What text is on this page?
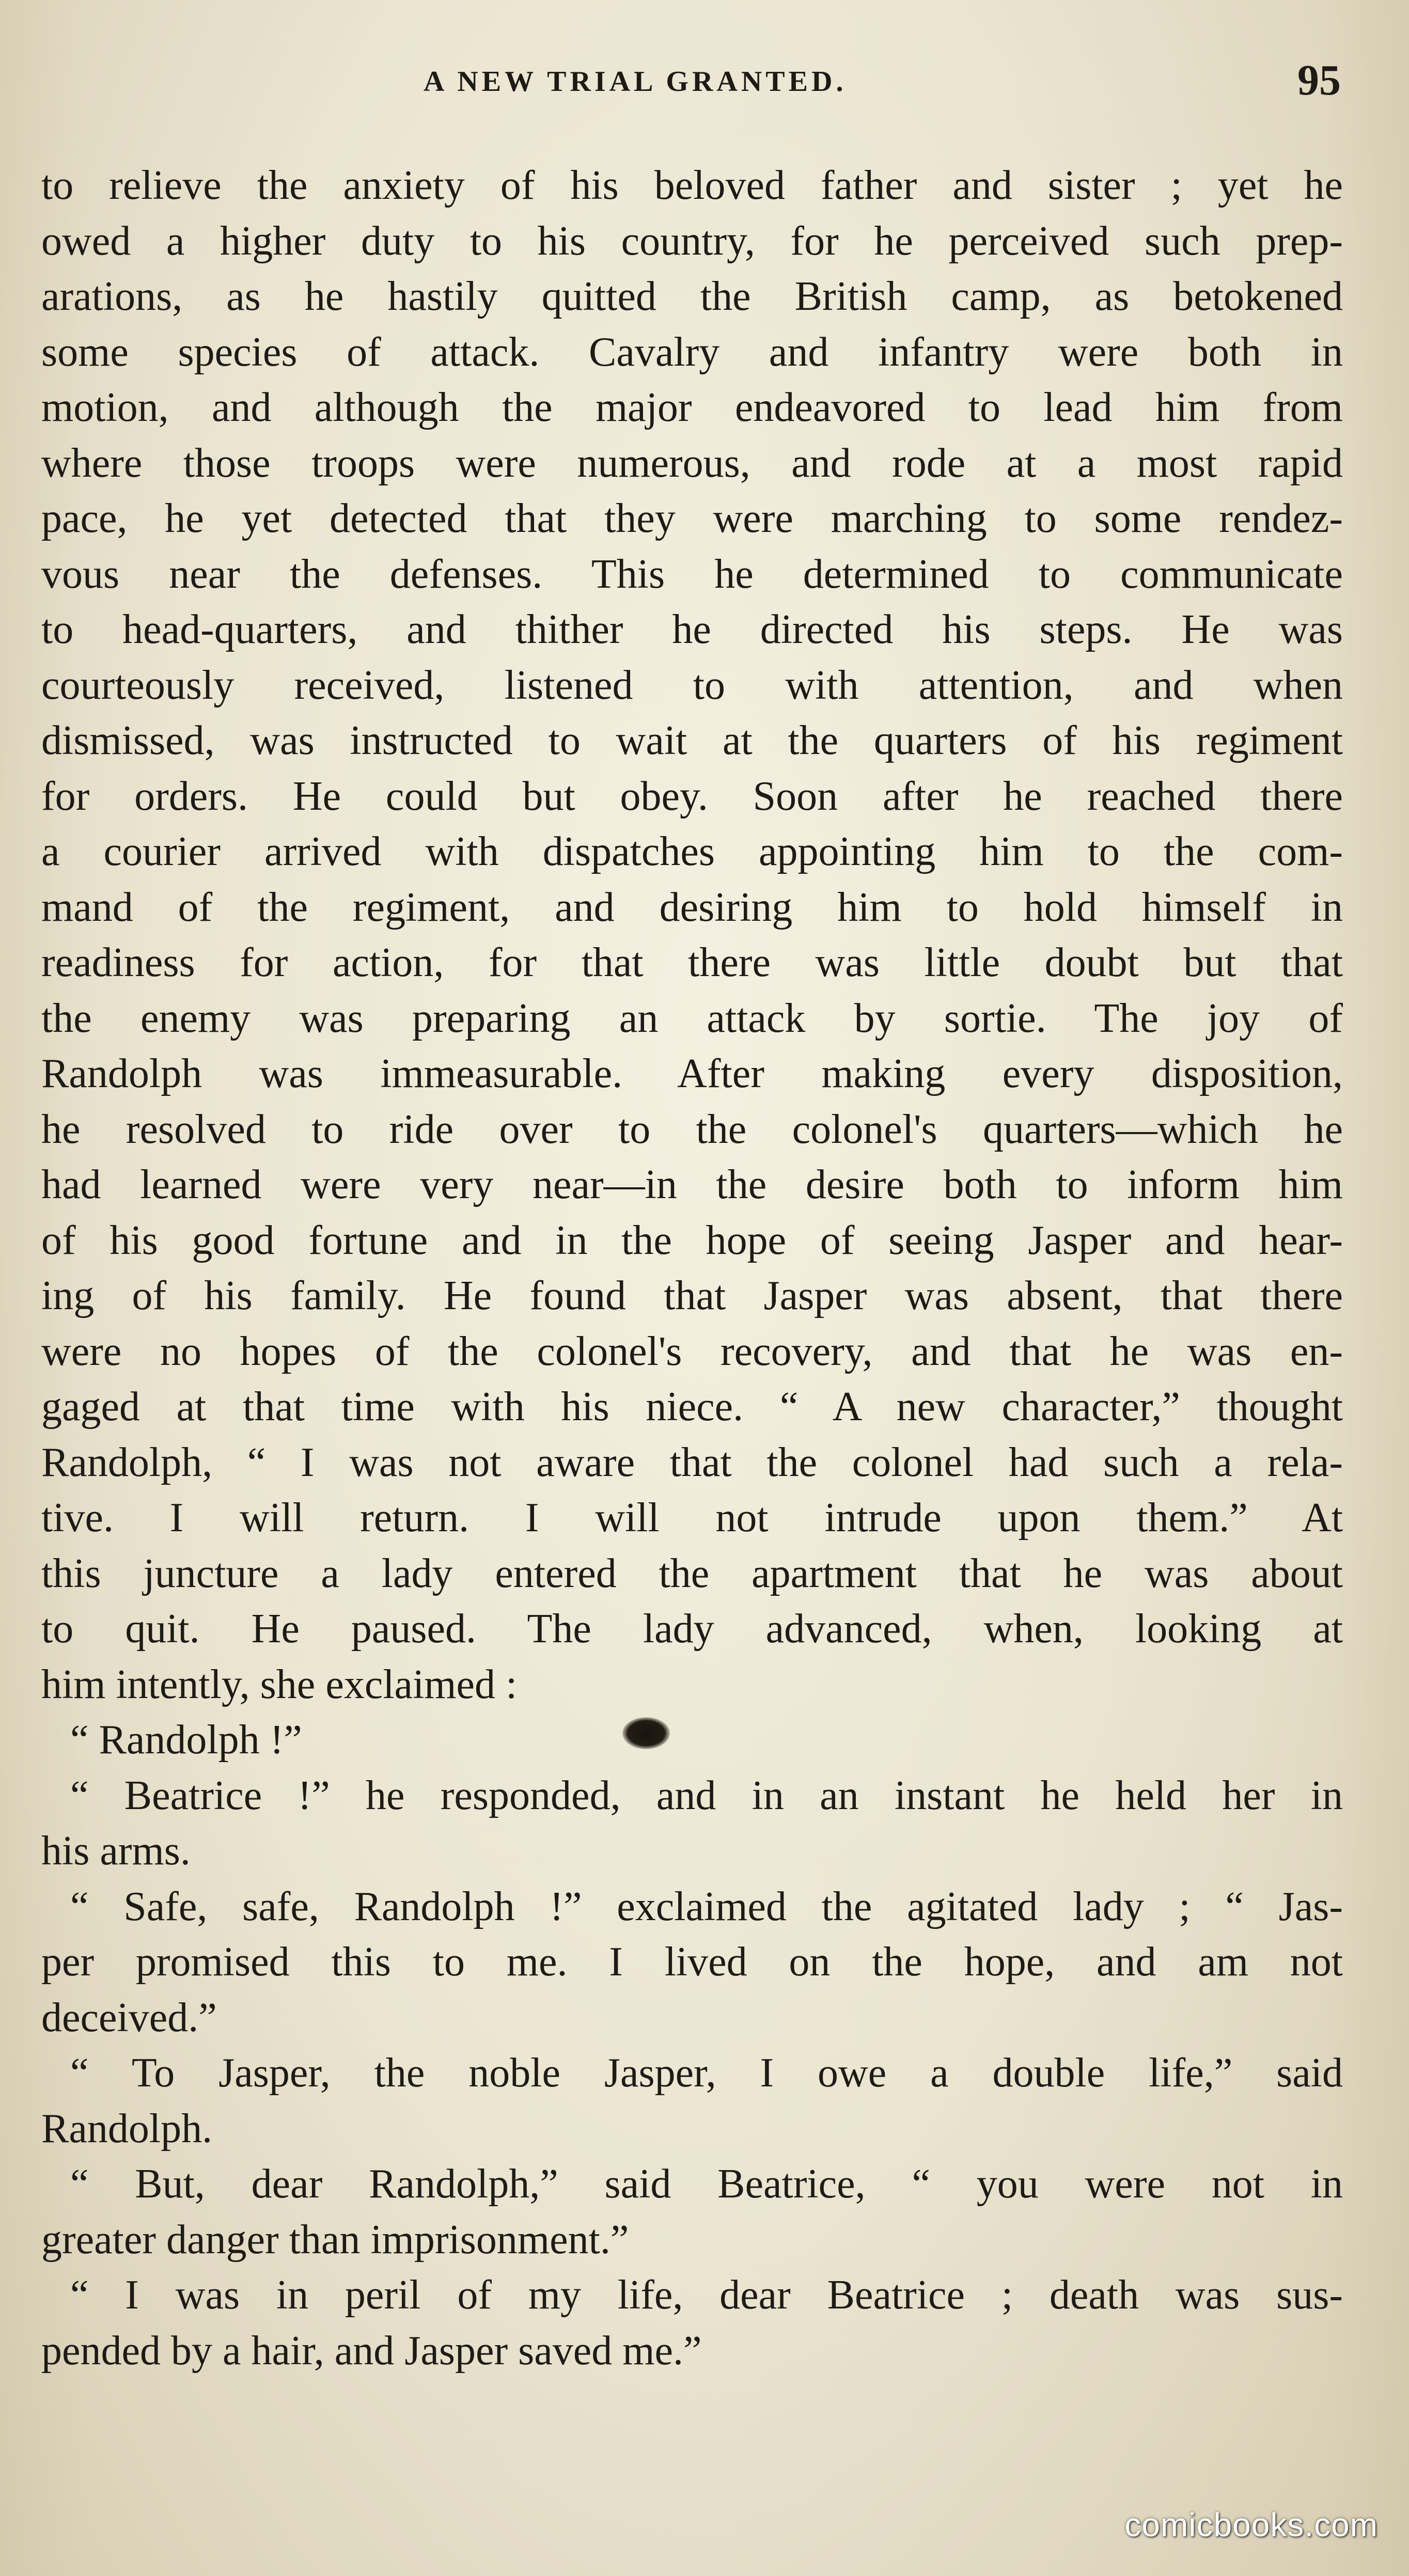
A NEW TRIAL GRANTED.	95
to relieve the anxiety of his beloved father and sister ; yet he
owed a higher duty to his country, for he perceived such prep-
arations, as he hastily quitted the British camp, as betokened
some species of attack. Cavalry and infantry were both in
motion, and although the major endeavored to lead him from
where those troops were numerous, and rode at a most rapid
pace, he yet detected that they were marching to some rendez-
vous near the defenses. This he determined to communicate
to head-quarters, and thither he directed his steps. He was
courteously received, listened to with attention, and when
dismissed, was instructed to wait at the quarters of his regiment
for orders. He could but obey. Soon after he reached there
a courier arrived with dispatches appointing him to the com-
mand of the regiment, and desiring him to hold himself in
readiness for action, for that there was little doubt but that
the enemy was preparing an attack by sortie. The joy of
Randolph was immeasurable. After making every disposition,
he resolved to ride over to the colonel's quarters—which he
had learned were very near—in the desire both to inform him
of his good fortune and in the hope of seeing Jasper and hear-
ing of his family. He found that Jasper was absent, that there
were no hopes of the colonel's recovery, and that he was en-
gaged at that time with his niece. “ A new character,” thought
Randolph, “ I was not aware that the colonel had such a rela-
tive. I will return. I will not intrude upon them.” At
this juncture a lady entered the apartment that he was about
to quit. He paused. The lady advanced, when, looking at
him intently, she exclaimed :
“ Randolph !”
“ Beatrice !” he responded, and in an instant he held her in
his arms.
“ Safe, safe, Randolph !” exclaimed the agitated lady ; “ Jas-
per promised this to me. I lived on the hope, and am not
deceived.”
“ To Jasper, the noble Jasper, I owe a double life,” said
Randolph.
“ But, dear Randolph,” said Beatrice, “ you were not in
greater danger than imprisonment.”
“ I was in peril of my life, dear Beatrice ; death was sus-
pended by a hair, and Jasper saved me.”
comicbooks.com
